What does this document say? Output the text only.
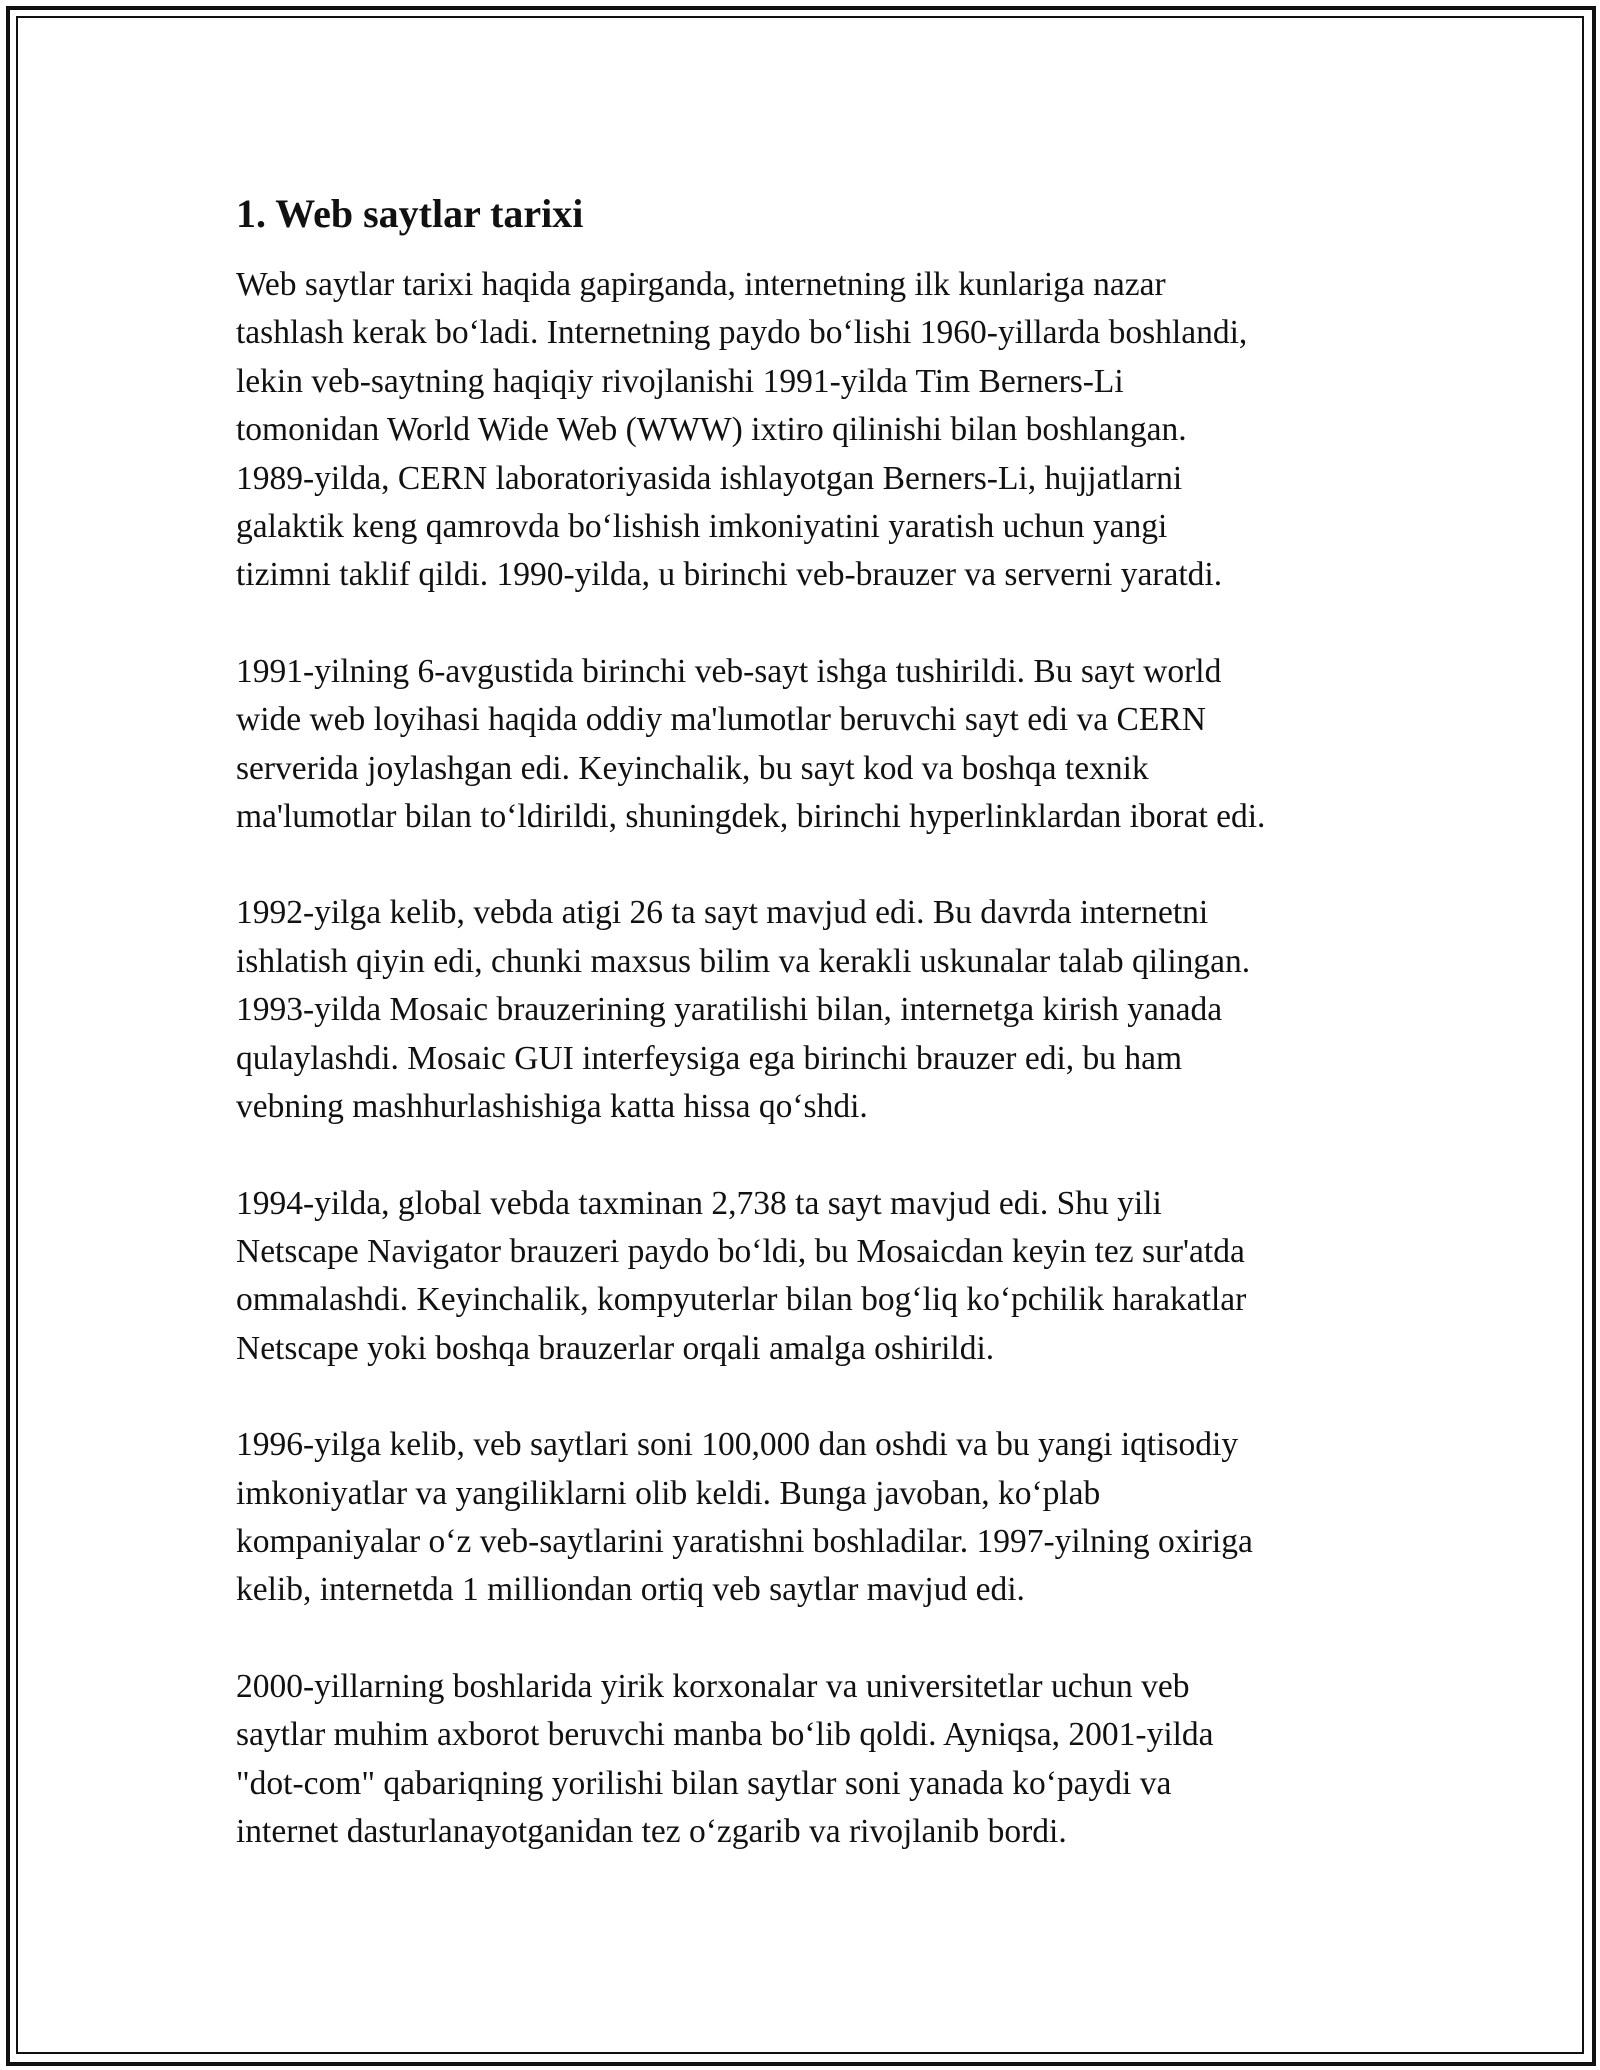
1. Web saytlar tarixi

Web saytlar tarixi haqida gapirganda, internetning ilk kunlariga nazar
tashlash kerak bo‘ladi. Internetning paydo bo‘lishi 1960-yillarda boshlandi,
lekin veb-saytning haqiqiy rivojlanishi 1991-yilda Tim Berners-Li
tomonidan World Wide Web (WWW) ixtiro qilinishi bilan boshlangan.
1989-yilda, CERN laboratoriyasida ishlayotgan Berners-Li, hujjatlarni
galaktik keng qamrovda bo‘lishish imkoniyatini yaratish uchun yangi
tizimni taklif qildi. 1990-yilda, u birinchi veb-brauzer va serverni yaratdi.

1991-yilning 6-avgustida birinchi veb-sayt ishga tushirildi. Bu sayt world
wide web loyihasi haqida oddiy ma'lumotlar beruvchi sayt edi va CERN
serverida joylashgan edi. Keyinchalik, bu sayt kod va boshqa texnik
ma'lumotlar bilan to‘ldirildi, shuningdek, birinchi hyperlinklardan iborat edi.

1992-yilga kelib, vebda atigi 26 ta sayt mavjud edi. Bu davrda internetni
ishlatish qiyin edi, chunki maxsus bilim va kerakli uskunalar talab qilingan.
1993-yilda Mosaic brauzerining yaratilishi bilan, internetga kirish yanada
qulaylashdi. Mosaic GUI interfeysiga ega birinchi brauzer edi, bu ham
vebning mashhurlashishiga katta hissa qo‘shdi.

1994-yilda, global vebda taxminan 2,738 ta sayt mavjud edi. Shu yili
Netscape Navigator brauzeri paydo bo‘ldi, bu Mosaicdan keyin tez sur'atda
ommalashdi. Keyinchalik, kompyuterlar bilan bog‘liq ko‘pchilik harakatlar
Netscape yoki boshqa brauzerlar orqali amalga oshirildi.

1996-yilga kelib, veb saytlari soni 100,000 dan oshdi va bu yangi iqtisodiy
imkoniyatlar va yangiliklarni olib keldi. Bunga javoban, ko‘plab
kompaniyalar o‘z veb-saytlarini yaratishni boshladilar. 1997-yilning oxiriga
kelib, internetda 1 milliondan ortiq veb saytlar mavjud edi.

2000-yillarning boshlarida yirik korxonalar va universitetlar uchun veb
saytlar muhim axborot beruvchi manba bo‘lib qoldi. Ayniqsa, 2001-yilda
"dot-com" qabariqning yorilishi bilan saytlar soni yanada ko‘paydi va
internet dasturlanayotganidan tez o‘zgarib va rivojlanib bordi.
